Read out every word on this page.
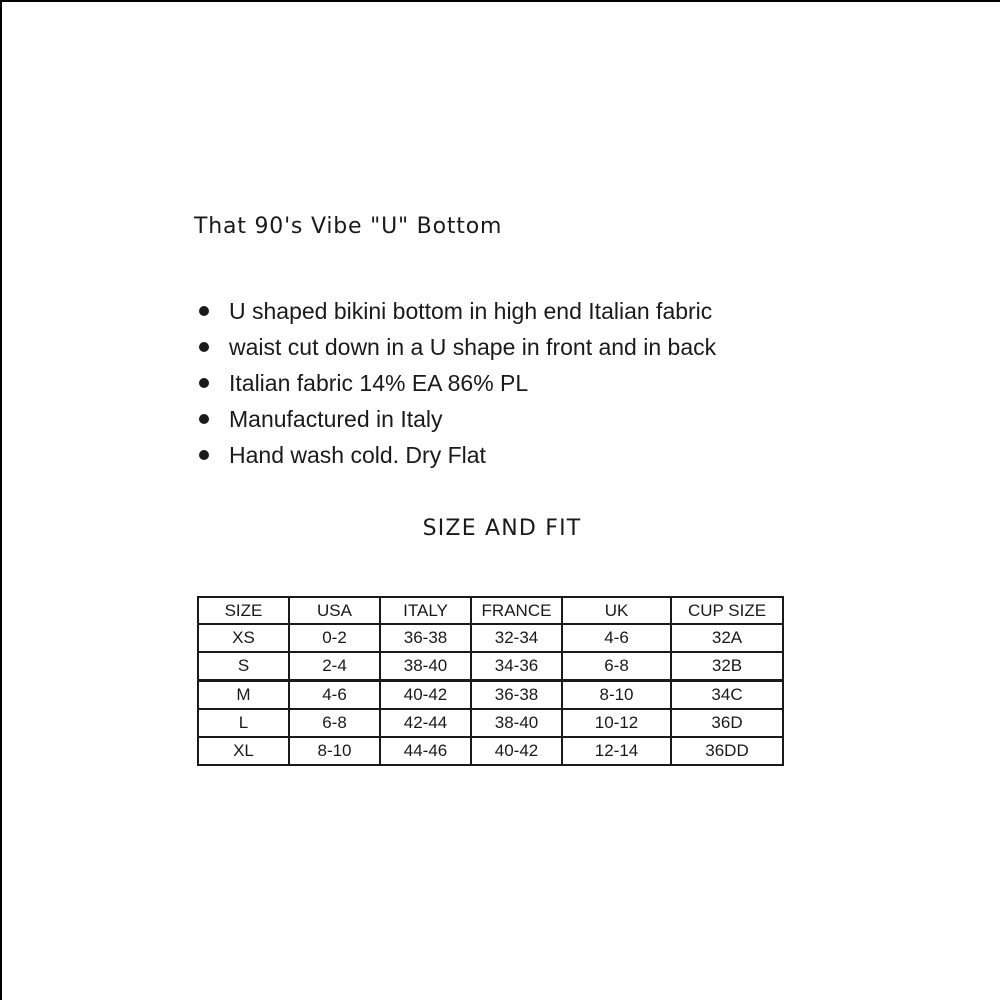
That 90's Vibe "U" Bottom
U shaped bikini bottom in high end Italian fabric
waist cut down in a U shape in front and in back
Italian fabric 14% EA 86% PL
Manufactured in Italy
Hand wash cold. Dry Flat
SIZE AND FIT
SIZE	USA	ITALY	FRANCE	UK	CUP SIZE
XS	0-2	36-38	32-34	4-6	32A
S	2-4	38-40	34-36	6-8	32B
M	4-6	40-42	36-38	8-10	34C
L	6-8	42-44	38-40	10-12	36D
XL	8-10	44-46	40-42	12-14	36DD
